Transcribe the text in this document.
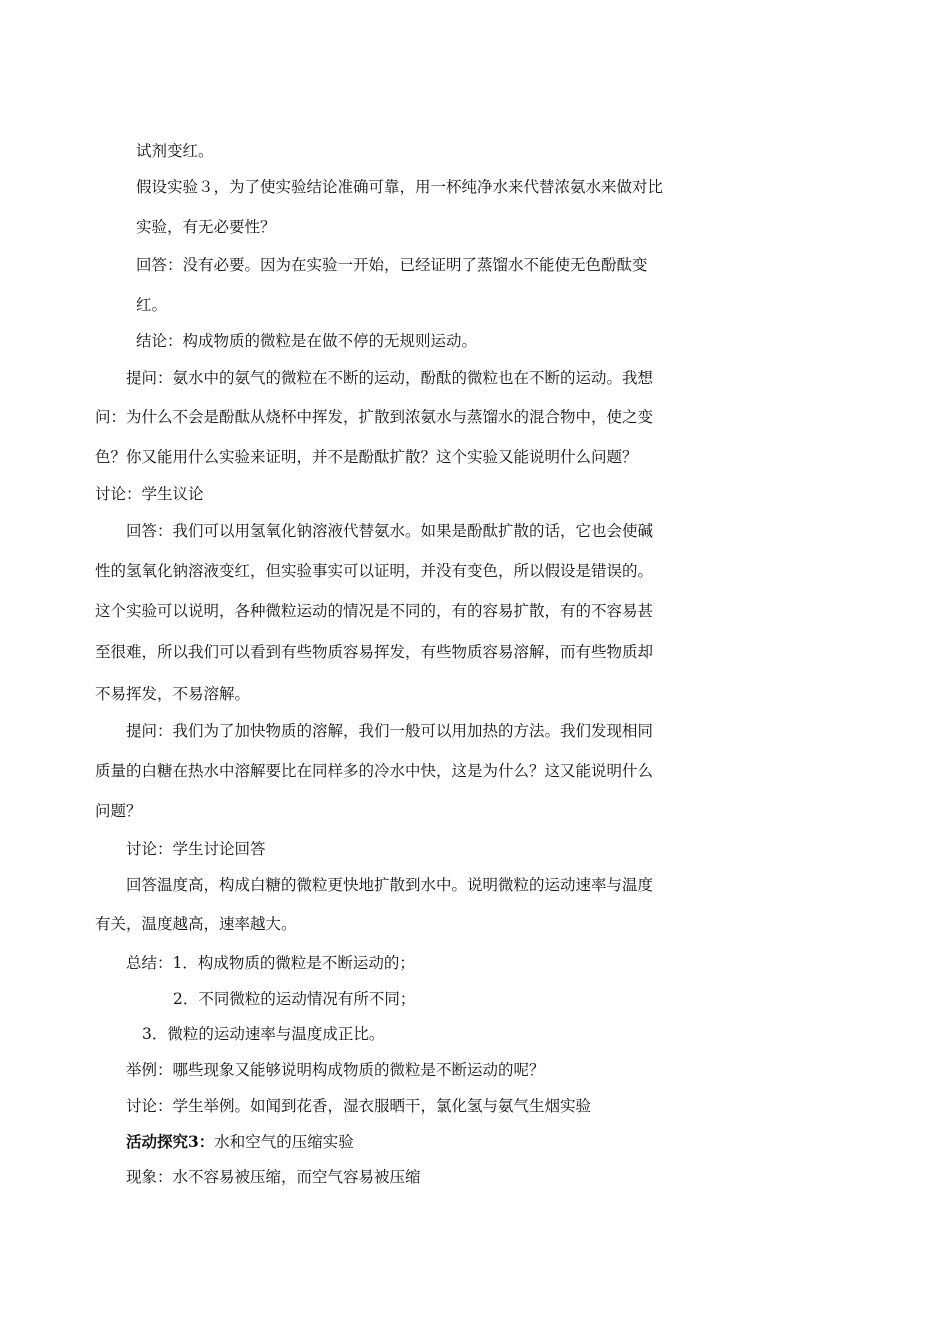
试剂变红。
假设实验３，为了使实验结论准确可靠，用一杯纯净水来代替浓氨水来做对比
实验，有无必要性？
回答：没有必要。因为在实验一开始，已经证明了蒸馏水不能使无色酚酞变
红。
结论：构成物质的微粒是在做不停的无规则运动。
提问：氨水中的氨气的微粒在不断的运动，酚酞的微粒也在不断的运动。我想
问：为什么不会是酚酞从烧杯中挥发，扩散到浓氨水与蒸馏水的混合物中，使之变
色？你又能用什么实验来证明，并不是酚酞扩散？这个实验又能说明什么问题？
讨论：学生议论
回答：我们可以用氢氧化钠溶液代替氨水。如果是酚酞扩散的话，它也会使碱
性的氢氧化钠溶液变红，但实验事实可以证明，并没有变色，所以假设是错误的。
这个实验可以说明，各种微粒运动的情况是不同的，有的容易扩散，有的不容易甚
至很难，所以我们可以看到有些物质容易挥发，有些物质容易溶解，而有些物质却
不易挥发，不易溶解。
提问：我们为了加快物质的溶解，我们一般可以用加热的方法。我们发现相同
质量的白糖在热水中溶解要比在同样多的冷水中快，这是为什么？这又能说明什么
问题？
讨论：学生讨论回答
回答温度高，构成白糖的微粒更快地扩散到水中。说明微粒的运动速率与温度
有关，温度越高，速率越大。
总结：1．构成物质的微粒是不断运动的；
2．不同微粒的运动情况有所不同；
3．微粒的运动速率与温度成正比。
举例：哪些现象又能够说明构成物质的微粒是不断运动的呢？
讨论：学生举例。如闻到花香，湿衣服晒干，氯化氢与氨气生烟实验
活动探究3：水和空气的压缩实验
现象：水不容易被压缩，而空气容易被压缩
